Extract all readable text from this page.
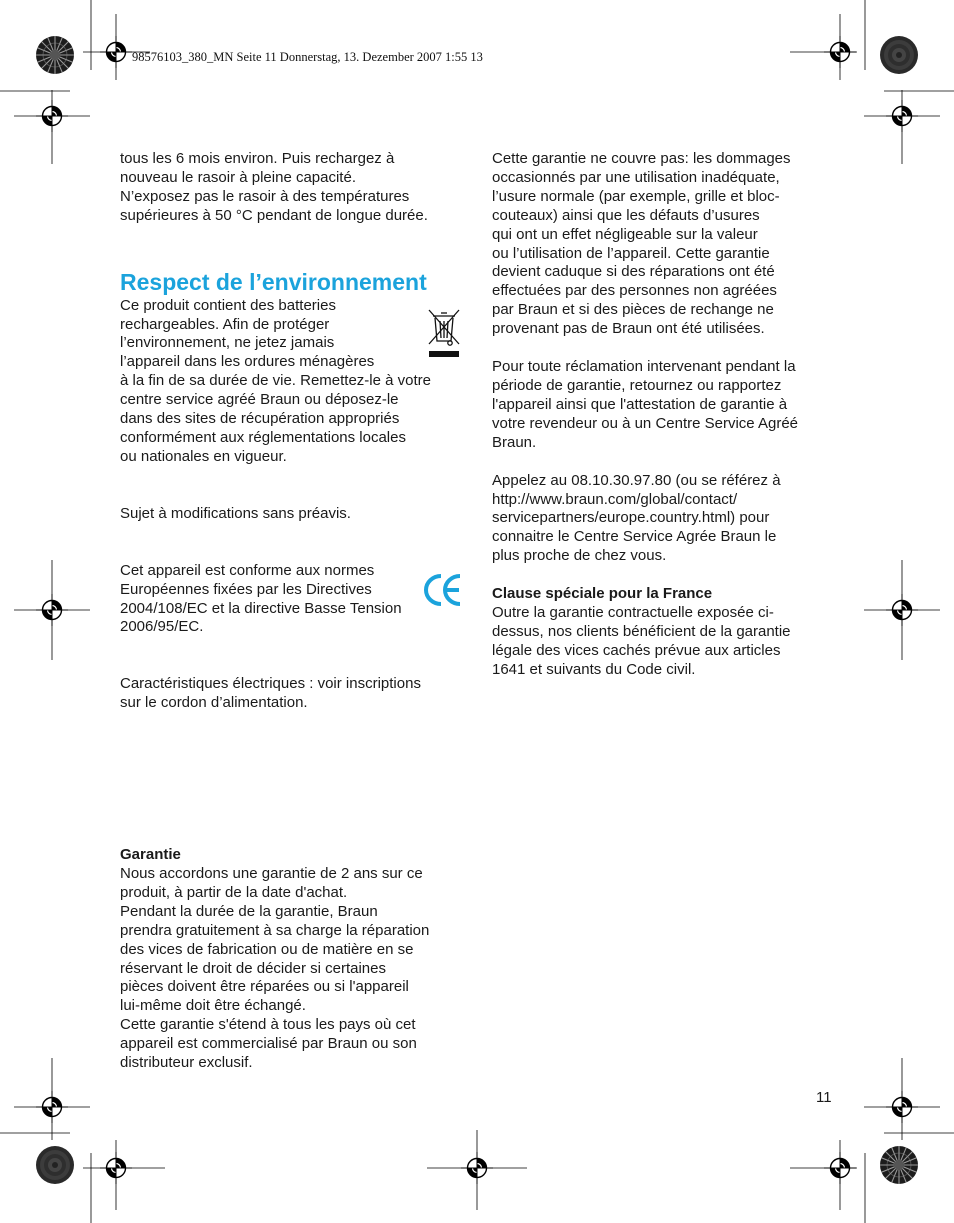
98576103_380_MN Seite 11 Donnerstag, 13. Dezember 2007 1:55 13

tous les 6 mois environ. Puis rechargez à
nouveau le rasoir à pleine capacité.
N’exposez pas le rasoir à des températures
supérieures à 50 °C pendant de longue durée.

Respect de l’environnement

Ce produit contient des batteries
rechargeables. Afin de protéger
l’environnement, ne jetez jamais
l’appareil dans les ordures ménagères
à la fin de sa durée de vie. Remettez-le à votre
centre service agréé Braun ou déposez-le
dans des sites de récupération appropriés
conformément aux réglementations locales
ou nationales en vigueur.

Sujet à modifications sans préavis.

Cet appareil est conforme aux normes
Européennes fixées par les Directives
2004/108/EC et la directive Basse Tension
2006/95/EC.

Caractéristiques électriques : voir inscriptions
sur le cordon d’alimentation.

Garantie
Nous accordons une garantie de 2 ans sur ce
produit, à partir de la date d'achat.
Pendant la durée de la garantie, Braun
prendra gratuitement à sa charge la réparation
des vices de fabrication ou de matière en se
réservant le droit de décider si certaines
pièces doivent être réparées ou si l'appareil
lui-même doit être échangé.
Cette garantie s'étend à tous les pays où cet
appareil est commercialisé par Braun ou son
distributeur exclusif.

Cette garantie ne couvre pas: les dommages
occasionnés par une utilisation inadéquate,
l’usure normale (par exemple, grille et bloc-
couteaux) ainsi que les défauts d’usures
qui ont un effet négligeable sur la valeur
ou l’utilisation de l’appareil. Cette garantie
devient caduque si des réparations ont été
effectuées par des personnes non agréées
par Braun et si des pièces de rechange ne
provenant pas de Braun ont été utilisées.

Pour toute réclamation intervenant pendant la
période de garantie, retournez ou rapportez
l'appareil ainsi que l'attestation de garantie à
votre revendeur ou à un Centre Service Agréé
Braun.

Appelez au 08.10.30.97.80 (ou se référez à
http://www.braun.com/global/contact/
servicepartners/europe.country.html) pour
connaitre le Centre Service Agrée Braun le
plus proche de chez vous.

Clause spéciale pour la France
Outre la garantie contractuelle exposée ci-
dessus, nos clients bénéficient de la garantie
légale des vices cachés prévue aux articles
1641 et suivants du Code civil.

11
